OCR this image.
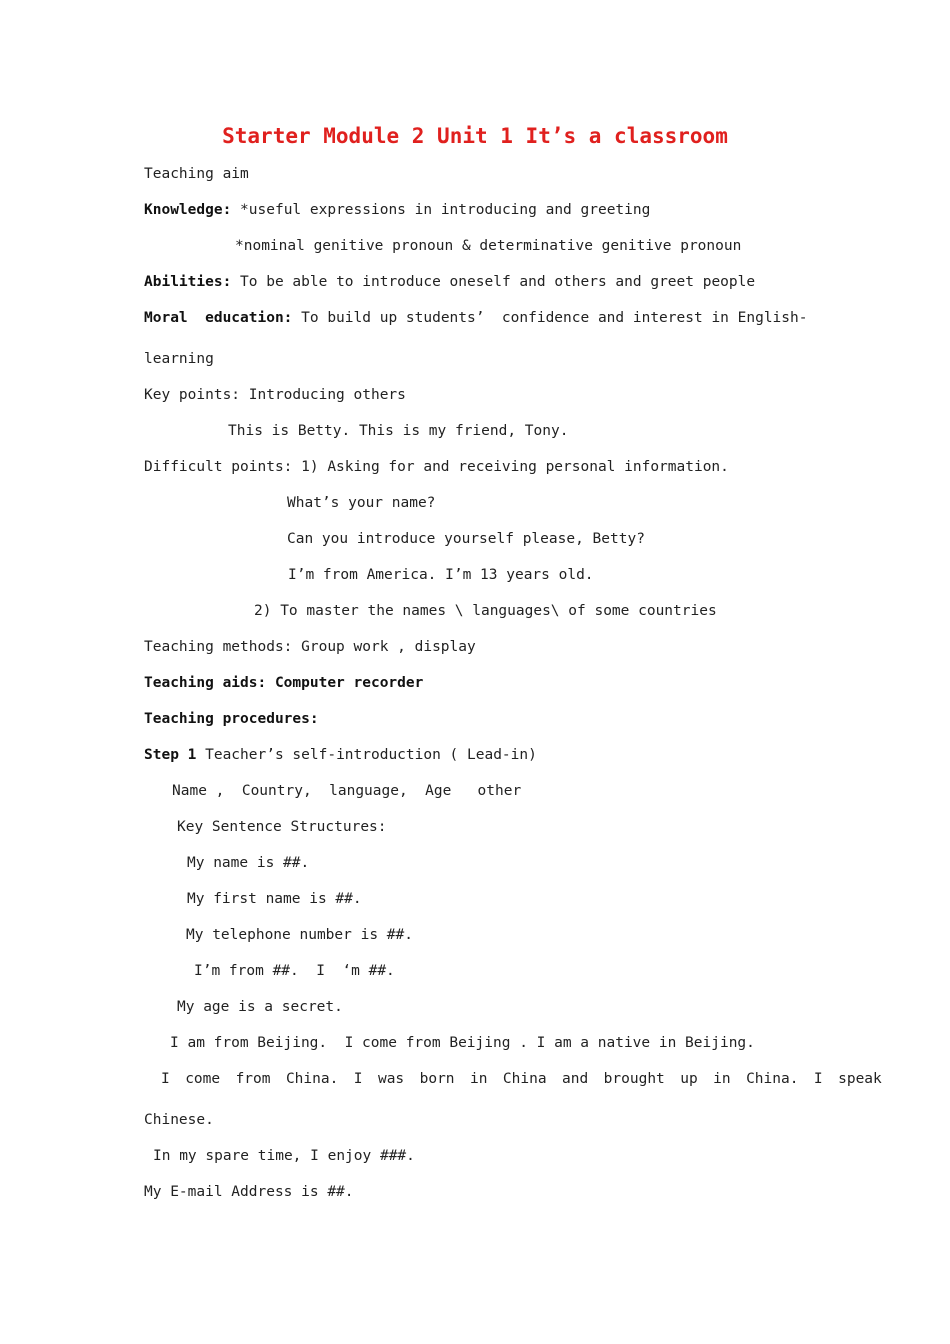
Starter Module 2 Unit 1 It’s a classroom
Teaching aim
Knowledge: *useful expressions in introducing and greeting
*nominal genitive pronoun & determinative genitive pronoun
Abilities: To be able to introduce oneself and others and greet people
Moral  education: To build up students’  confidence and interest in English-
learning
Key points: Introducing others
This is Betty. This is my friend, Tony.
Difficult points: 1) Asking for and receiving personal information.
What’s your name?
Can you introduce yourself please, Betty?
I’m from America. I’m 13 years old.
2) To master the names \ languages\ of some countries
Teaching methods: Group work , display
Teaching aids: Computer recorder
Teaching procedures:
Step 1 Teacher’s self-introduction ( Lead-in)
Name ,  Country,  language,  Age   other
Key Sentence Structures:
My name is ##.
My first name is ##.
My telephone number is ##.
I’m from ##.  I  ‘m ##.
My age is a secret.
I am from Beijing.  I come from Beijing . I am a native in Beijing.
I  come  from  China.  I  was  born  in  China  and  brought  up  in  China.  I  speak
Chinese.
In my spare time, I enjoy ###.
My E-mail Address is ##.
